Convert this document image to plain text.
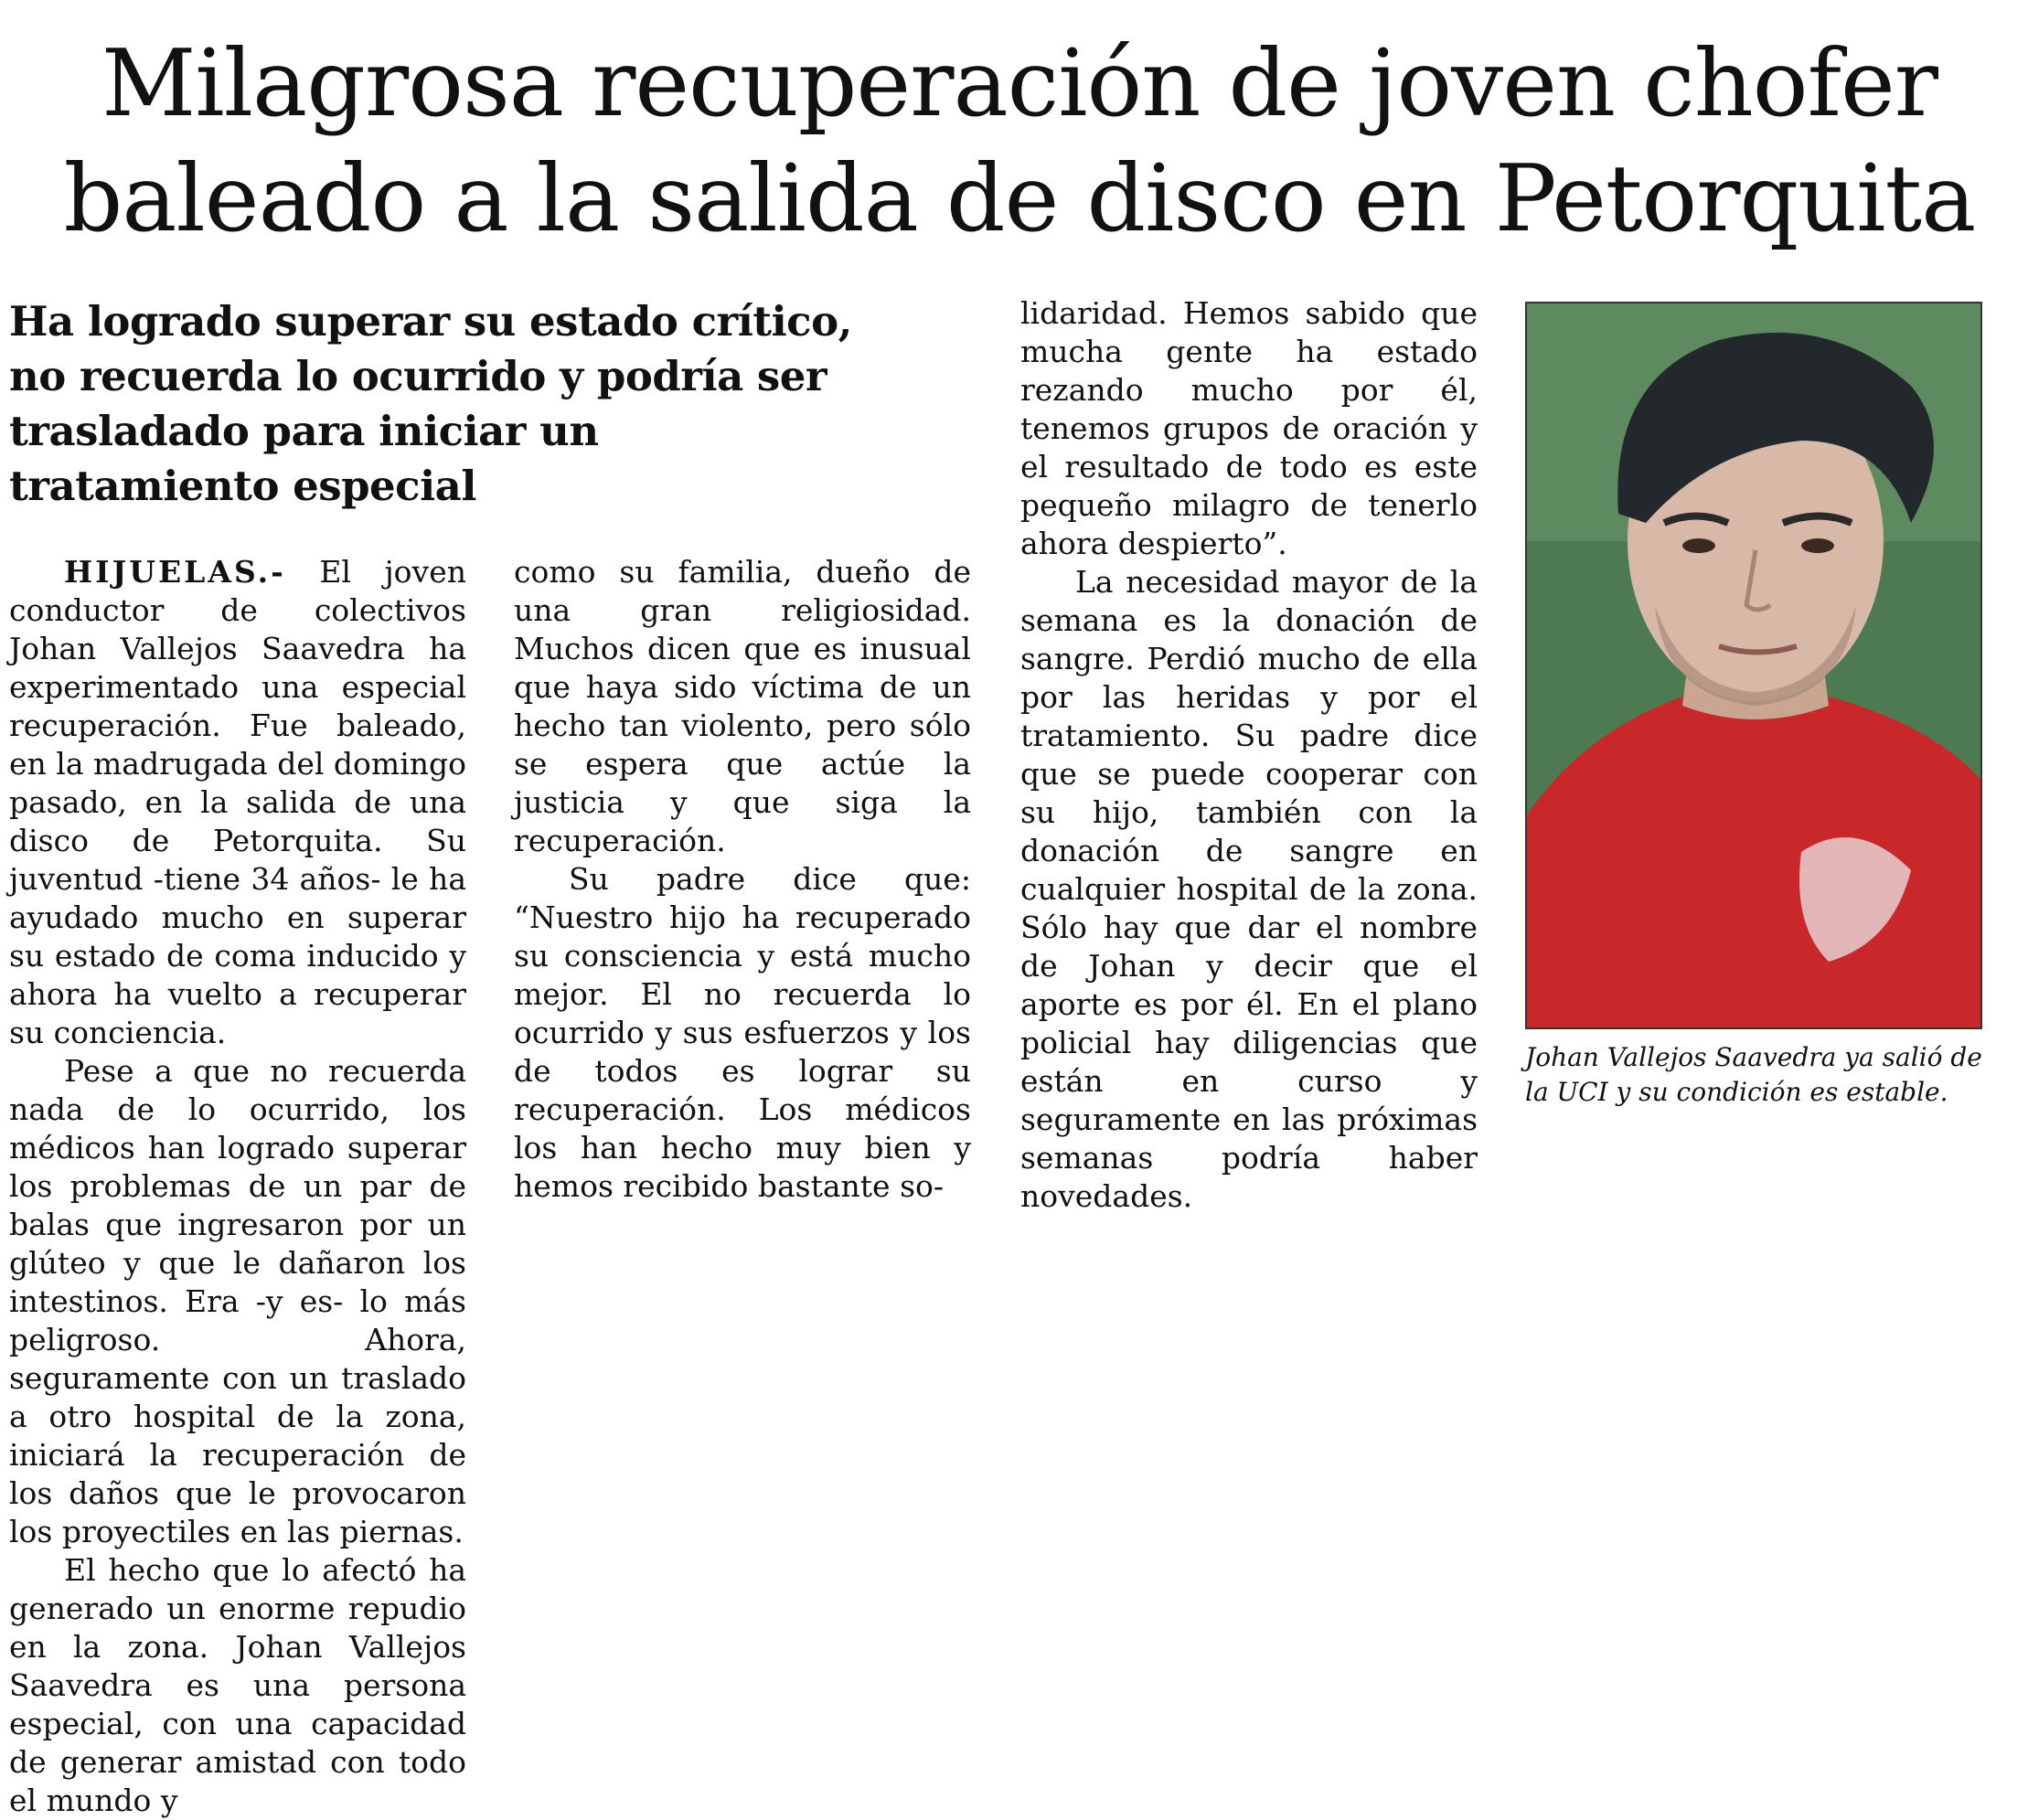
Milagrosa recuperación de joven chofer
baleado a la salida de disco en Petorquita
Ha logrado superar su estado crítico, no recuerda lo ocurrido y podría ser trasladado para iniciar un tratamiento especial

HIJUELAS.- El joven conductor de colectivos Johan Vallejos Saavedra ha experimentado una especial recuperación. Fue baleado, en la madrugada del domingo pasado, en la salida de una disco de Petorquita. Su juventud -tiene 34 años- le ha ayudado mucho en superar su estado de coma inducido y ahora ha vuelto a recuperar su conciencia.

Pese a que no recuerda nada de lo ocurrido, los médicos han logrado superar los problemas de un par de balas que ingresaron por un glúteo y que le dañaron los intestinos. Era -y es- lo más peligroso. Ahora, seguramente con un traslado a otro hospital de la zona, iniciará la recuperación de los daños que le provocaron los proyectiles en las piernas.

El hecho que lo afectó ha generado un enorme repudio en la zona. Johan Vallejos Saavedra es una persona especial, con una capacidad de generar amistad con todo el mundo y

como su familia, dueño de una gran religiosidad. Muchos dicen que es inusual que haya sido víctima de un hecho tan violento, pero sólo se espera que actúe la justicia y que siga la recuperación.

Su padre dice que: “Nuestro hijo ha recuperado su consciencia y está mucho mejor. El no recuerda lo ocurrido y sus esfuerzos y los de todos es lograr su recuperación. Los médicos los han hecho muy bien y hemos recibido bastante so-

lidaridad. Hemos sabido que mucha gente ha estado rezando mucho por él, tenemos grupos de oración y el resultado de todo es este pequeño milagro de tenerlo ahora despierto”.

La necesidad mayor de la semana es la donación de sangre. Perdió mucho de ella por las heridas y por el tratamiento. Su padre dice que se puede cooperar con su hijo, también con la donación de sangre en cualquier hospital de la zona. Sólo hay que dar el nombre de Johan y decir que el aporte es por él. En el plano policial hay diligencias que están en curso y seguramente en las próximas semanas podría haber novedades.

Johan Vallejos Saavedra ya salió de la UCI y su condición es estable.
